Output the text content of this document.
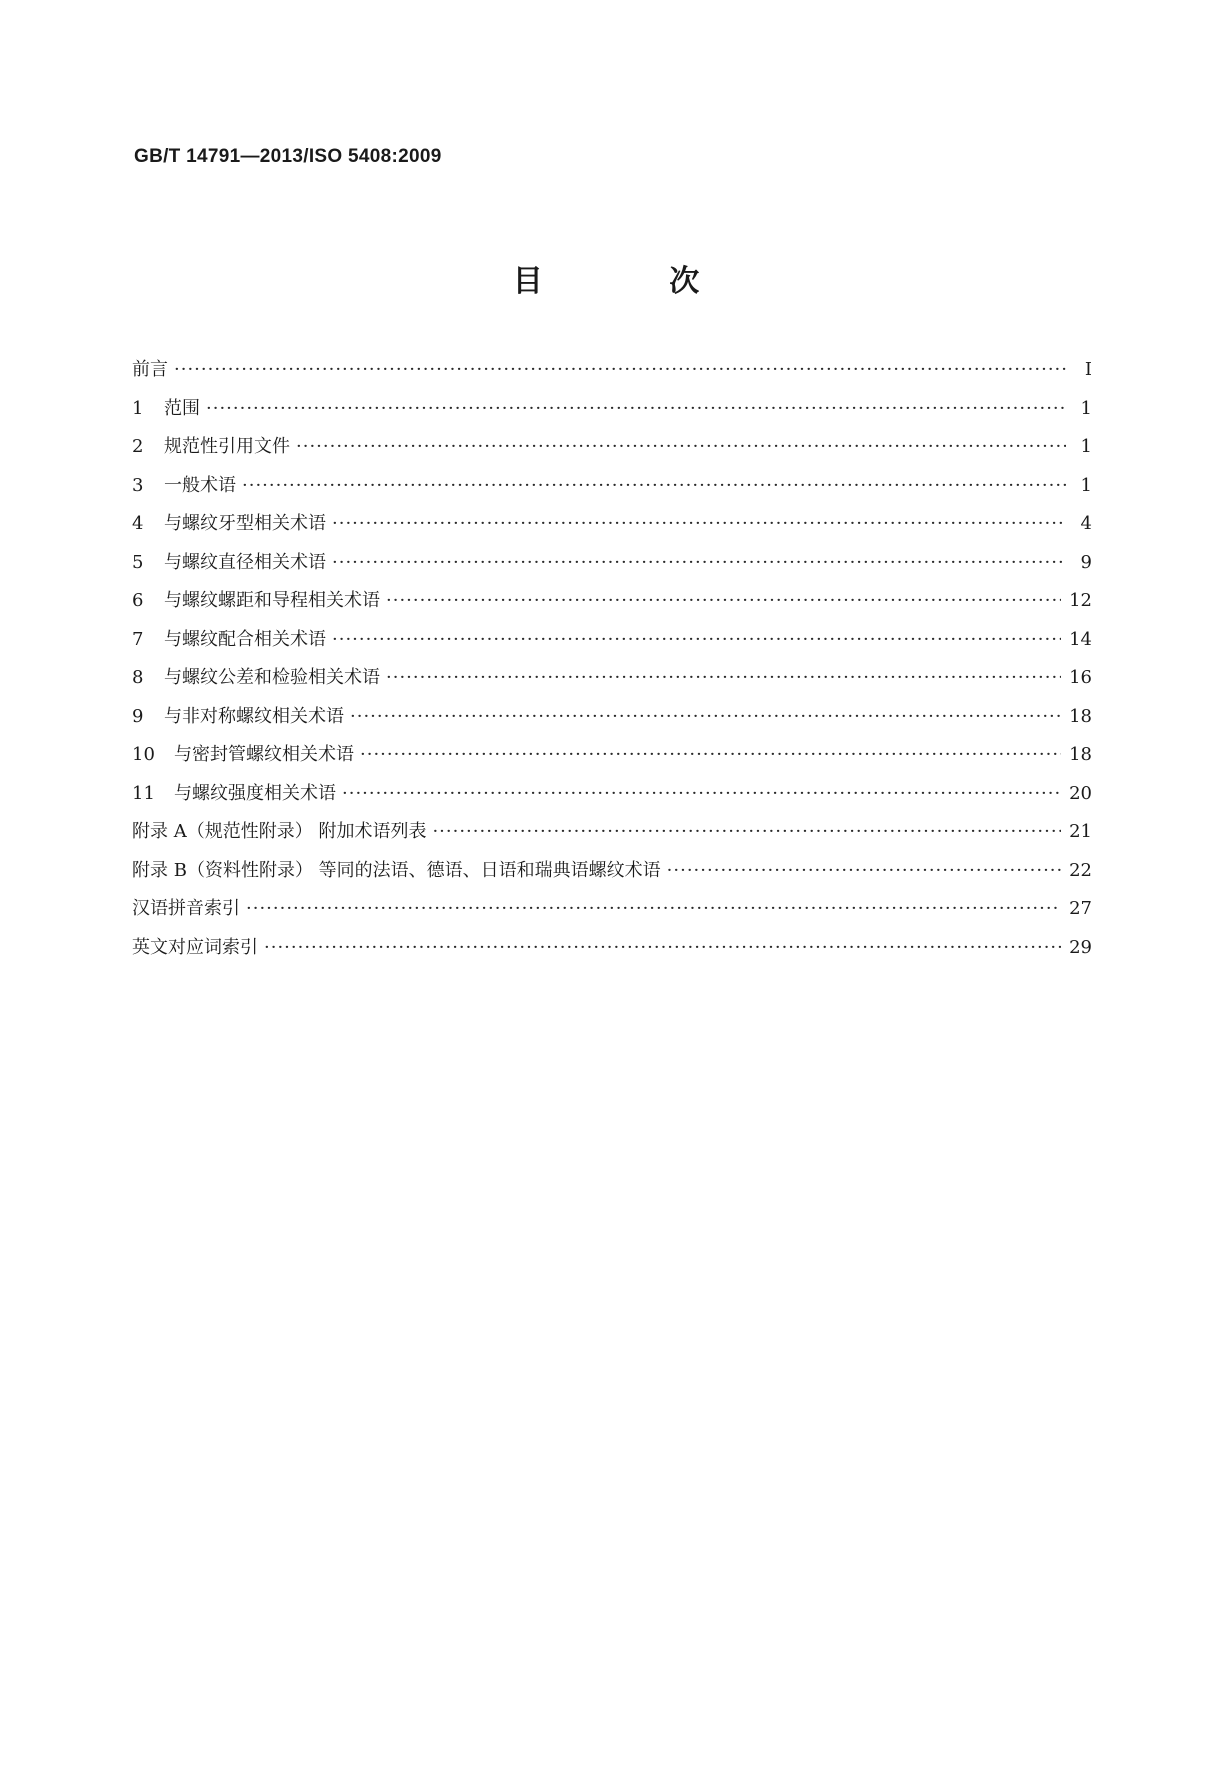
GB/T 14791—2013/ISO 5408:2009
目 次
前言 ·····	I
1 范围 ·····	1
2 规范性引用文件 ·····	1
3 一般术语 ·····	1
4 与螺纹牙型相关术语 ·····	4
5 与螺纹直径相关术语 ·····	9
6 与螺纹螺距和导程相关术语 ·····	12
7 与螺纹配合相关术语 ·····	14
8 与螺纹公差和检验相关术语 ·····	16
9 与非对称螺纹相关术语 ·····	18
10 与密封管螺纹相关术语 ·····	18
11 与螺纹强度相关术语 ·····	20
附录 A（规范性附录） 附加术语列表 ·····	21
附录 B（资料性附录） 等同的法语、德语、日语和瑞典语螺纹术语 ·····	22
汉语拼音索引 ·····	27
英文对应词索引 ·····	29
